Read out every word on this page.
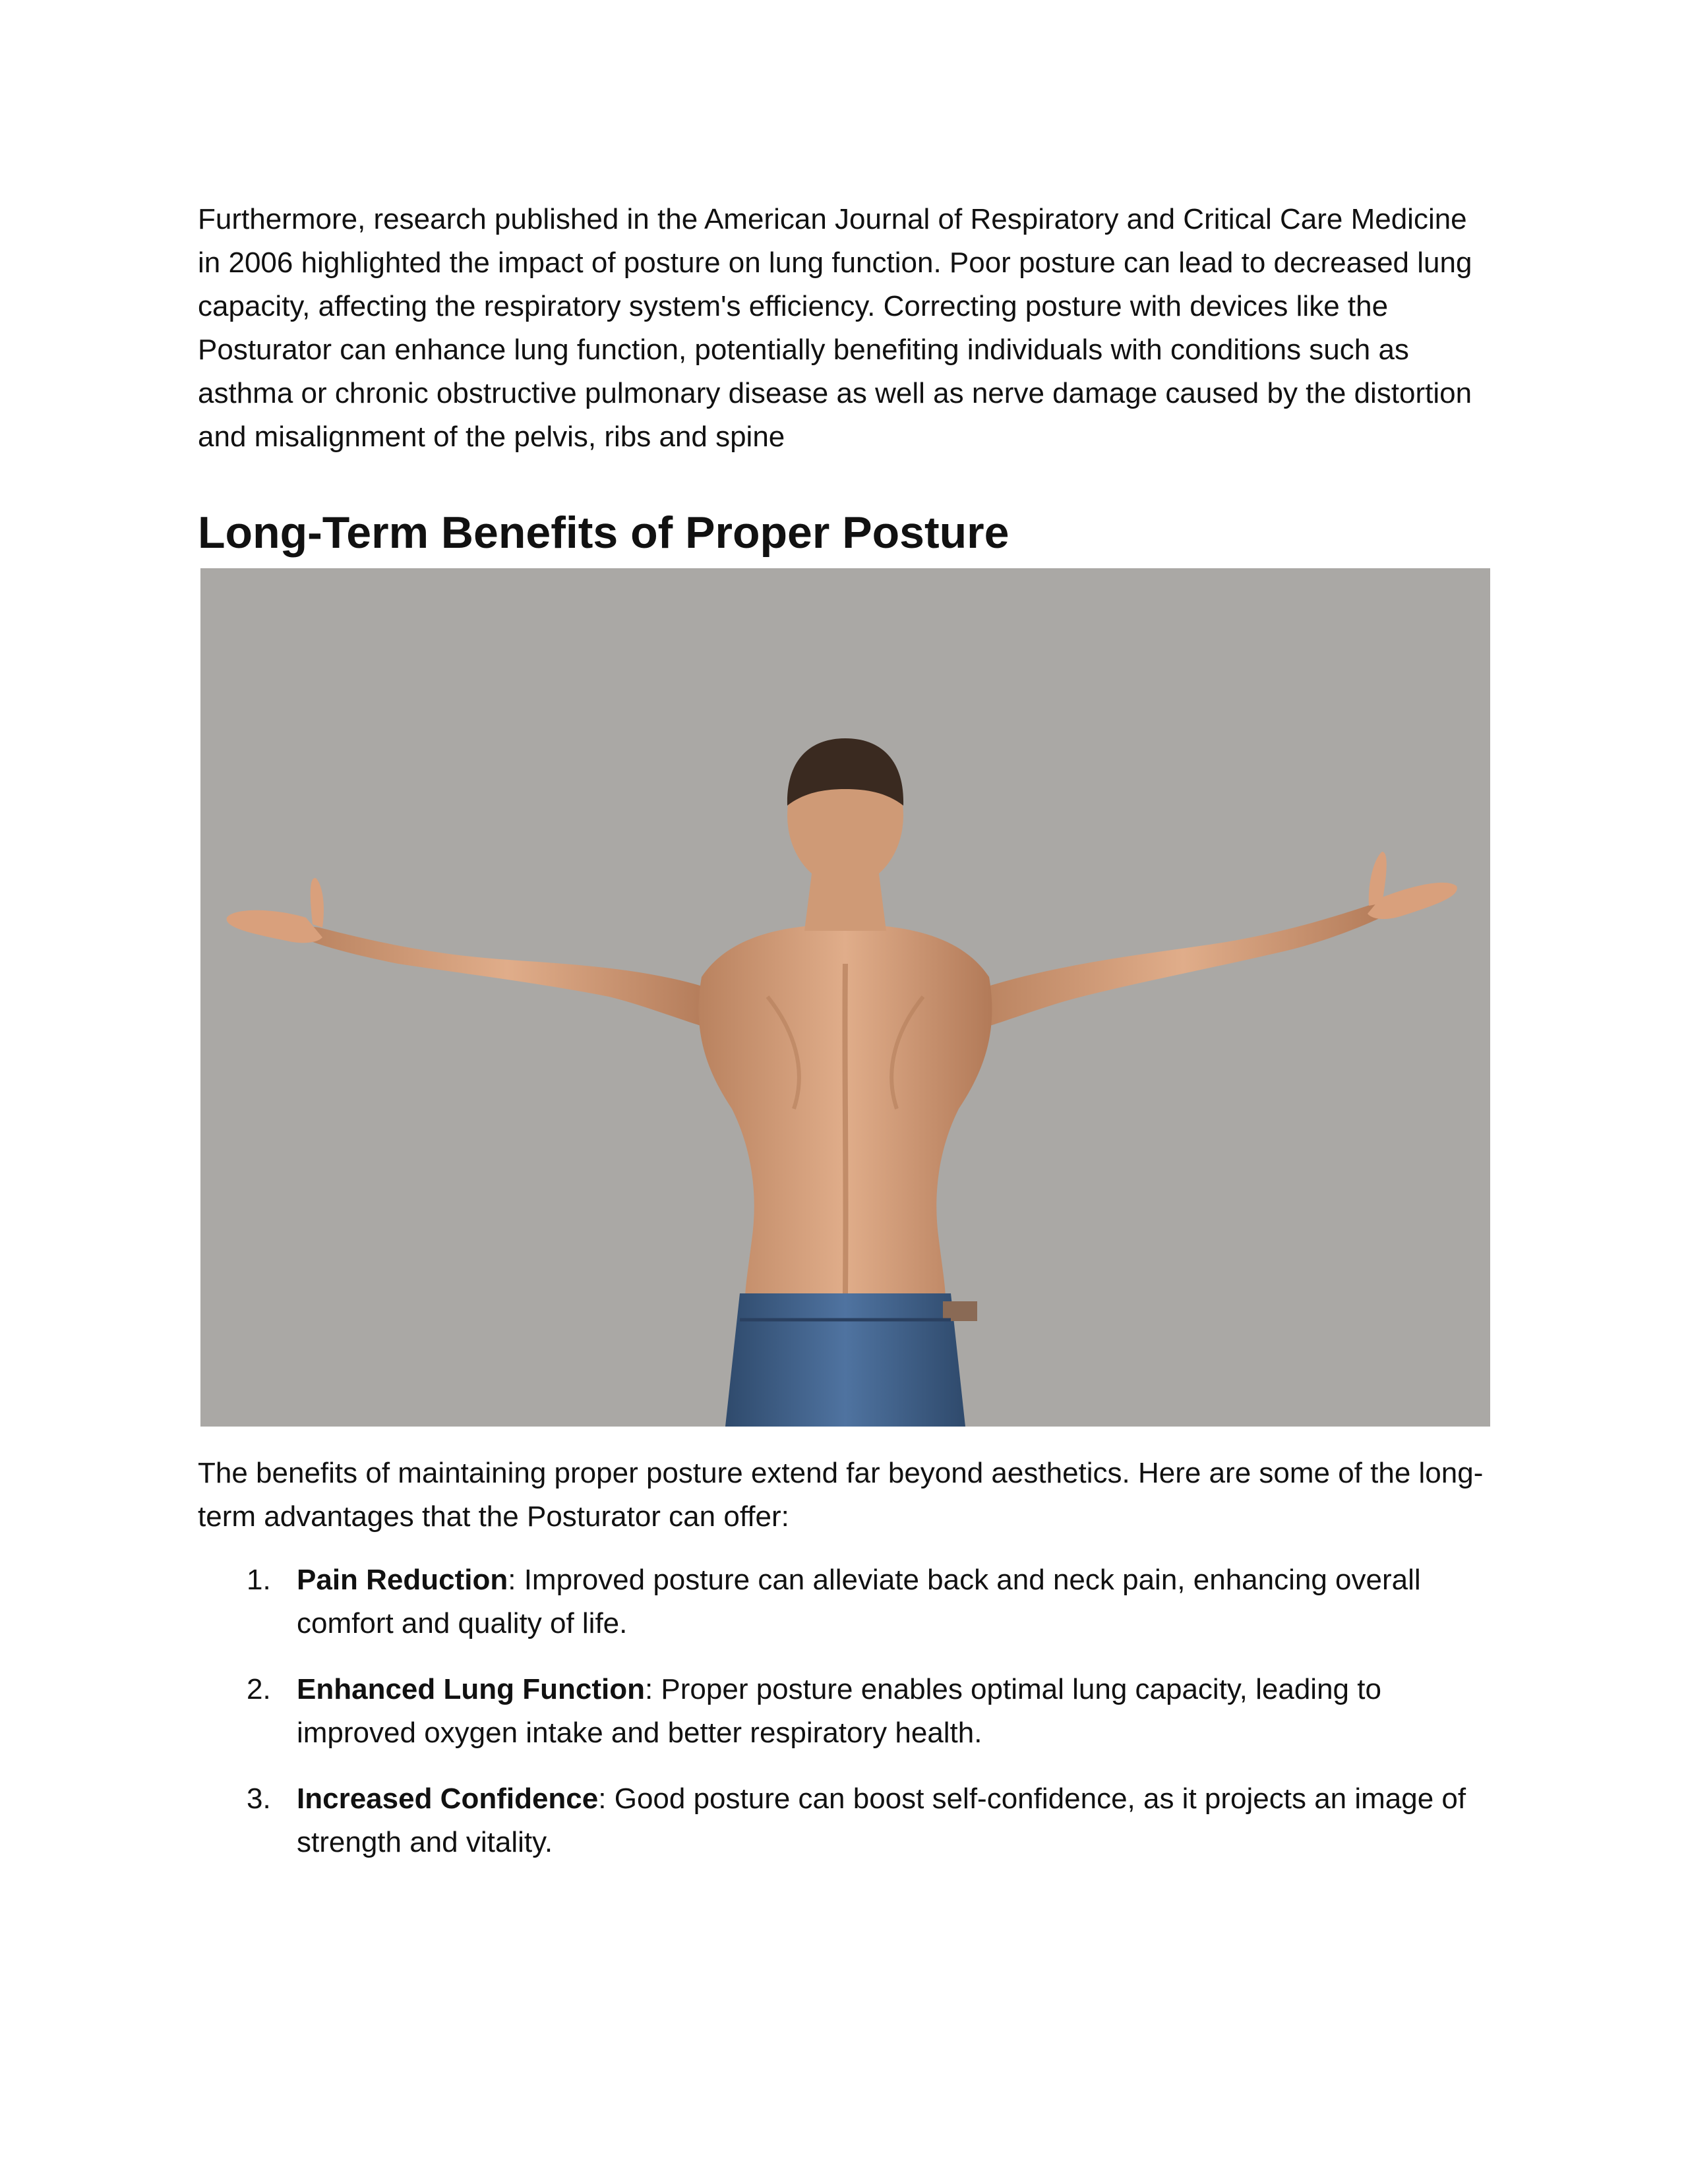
Furthermore, research published in the American Journal of Respiratory and Critical Care Medicine in 2006 highlighted the impact of posture on lung function. Poor posture can lead to decreased lung capacity, affecting the respiratory system's efficiency. Correcting posture with devices like the Posturator can enhance lung function, potentially benefiting individuals with conditions such as asthma or chronic obstructive pulmonary disease as well as nerve damage caused by the distortion and misalignment of the pelvis, ribs and spine

Long-Term Benefits of Proper Posture

The benefits of maintaining proper posture extend far beyond aesthetics. Here are some of the long-term advantages that the Posturator can offer:

1. Pain Reduction: Improved posture can alleviate back and neck pain, enhancing overall comfort and quality of life.
2. Enhanced Lung Function: Proper posture enables optimal lung capacity, leading to improved oxygen intake and better respiratory health.
3. Increased Confidence: Good posture can boost self-confidence, as it projects an image of strength and vitality.
